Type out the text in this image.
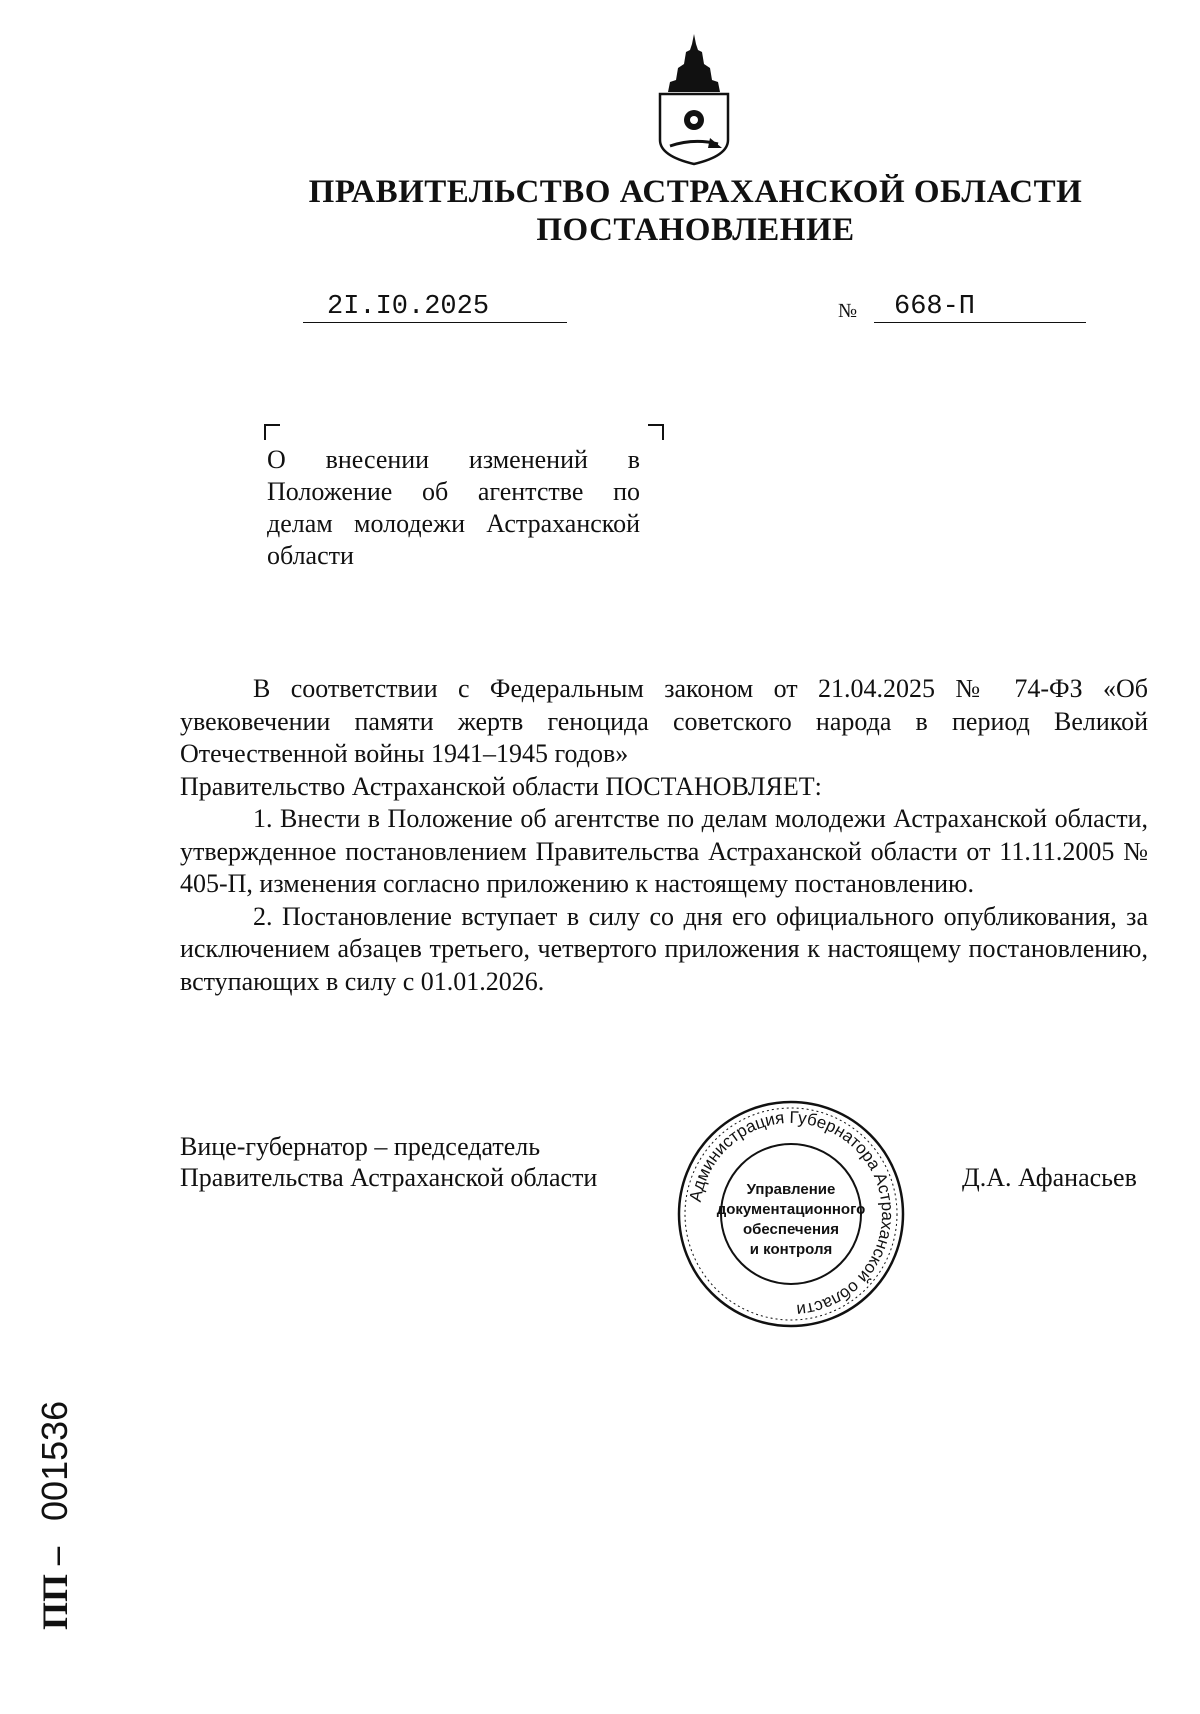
ПРАВИТЕЛЬСТВО АСТРАХАНСКОЙ ОБЛАСТИ
ПОСТАНОВЛЕНИЕ
2I.I0.2025	№	668-П

О внесении изменений в Положение об агентстве по делам молодежи Астраханской области

В соответствии с Федеральным законом от 21.04.2025 № 74-ФЗ «Об увековечении памяти жертв геноцида советского народа в период Великой Отечественной войны 1941–1945 годов»

Правительство Астраханской области ПОСТАНОВЛЯЕТ:

1. Внести в Положение об агентстве по делам молодежи Астраханской области, утвержденное постановлением Правительства Астраханской области от 11.11.2005 № 405-П, изменения согласно приложению к настоящему постановлению.

2. Постановление вступает в силу со дня его официального опубликования, за исключением абзацев третьего, четвертого приложения к настоящему постановлению, вступающих в силу с 01.01.2026.

Вице-губернатор – председатель
Правительства Астраханской области	Д.А. Афанасьев
Администрация Губернатора Астраханской области
Управление
документационного
обеспечения
и контроля
ПП – 001536
